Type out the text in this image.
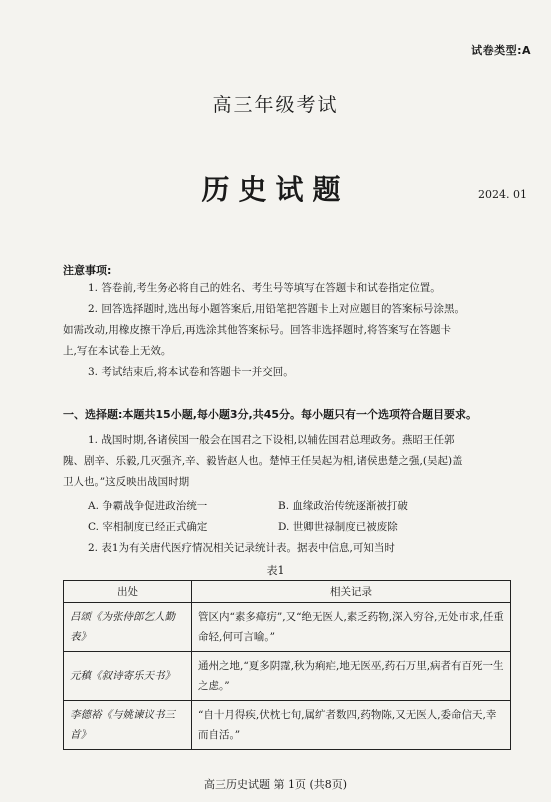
试卷类型:A
高三年级考试
历史试题	2024. 01
注意事项:
1. 答卷前,考生务必将自己的姓名、考生号等填写在答题卡和试卷指定位置。
2. 回答选择题时,选出每小题答案后,用铅笔把答题卡上对应题目的答案标号涂黑。
如需改动,用橡皮擦干净后,再选涂其他答案标号。回答非选择题时,将答案写在答题卡
上,写在本试卷上无效。
3. 考试结束后,将本试卷和答题卡一并交回。
一、选择题:本题共15小题,每小题3分,共45分。每小题只有一个选项符合题目要求。
1. 战国时期,各诸侯国一般会在国君之下设相,以辅佐国君总理政务。燕昭王任郭
隗、剧辛、乐毅,几灭强齐,辛、毅皆赵人也。楚悼王任吴起为相,诸侯患楚之强,(吴起)盖
卫人也。”这反映出战国时期
A. 争霸战争促进政治统一	B. 血缘政治传统逐渐被打破
C. 宰相制度已经正式确定	D. 世卿世禄制度已被废除
2. 表1为有关唐代医疗情况相关记录统计表。据表中信息,可知当时
表1
出处	相关记录
吕颂《为张侍郎乞人勤表》	管区内“素多瘴疠”,又“绝无医人,素乏药物,深入穷谷,无处市求,任重命轻,何可言喻。”
元稹《叙诗寄乐天书》	通州之地,“夏多阴霪,秋为痢疟,地无医巫,药石万里,病者有百死一生之虑。”
李德裕《与姚谏议书三首》	“自十月得疾,伏枕七旬,属纩者数四,药物陈,又无医人,委命信天,幸而自活。”
高三历史试题 第 1页 (共8页)
